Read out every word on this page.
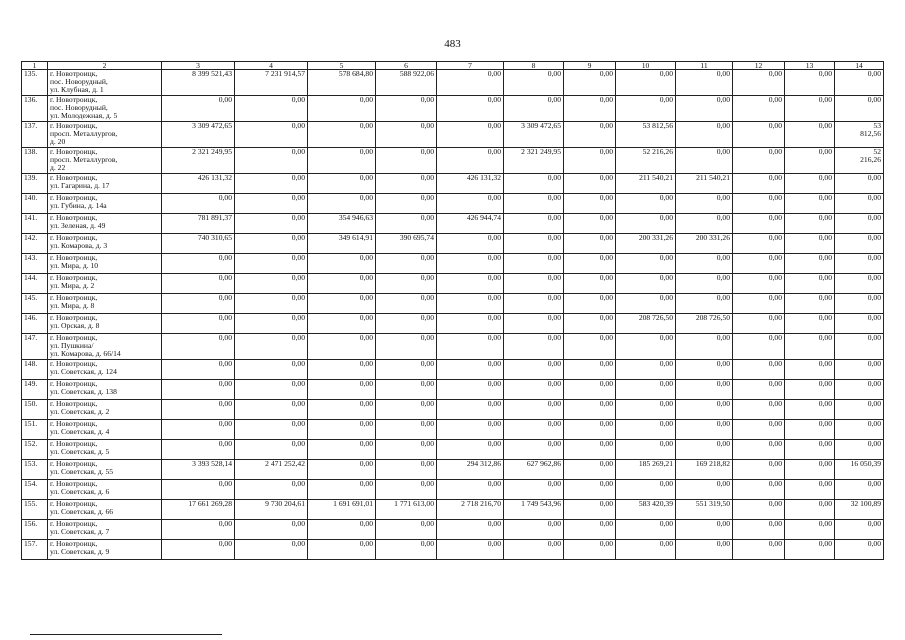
483
1	2	3	4	5	6	7	8	9	10	11	12	13	14
135.	г. Новотроицк,
пос. Новорудный,
ул. Клубная, д. 1	8 399 521,43	7 231 914,57	578 684,80	588 922,06	0,00	0,00	0,00	0,00	0,00	0,00	0,00	0,00
136.	г. Новотроицк,
пос. Новорудный,
ул. Молодежная, д. 5	0,00	0,00	0,00	0,00	0,00	0,00	0,00	0,00	0,00	0,00	0,00	0,00
137.	г. Новотроицк,
просп. Металлургов,
д. 20	3 309 472,65	0,00	0,00	0,00	0,00	3 309 472,65	0,00	53 812,56	0,00	0,00	0,00	53
812,56

138.	г. Новотроицк,
просп. Металлургов,
д. 22	2 321 249,95	0,00	0,00	0,00	0,00	2 321 249,95	0,00	52 216,26	0,00	0,00	0,00	52
216,26

139.	г. Новотроицк,
ул. Гагарина, д. 17	426 131,32	0,00	0,00	0,00	426 131,32	0,00	0,00	211 540,21	211 540,21	0,00	0,00	0,00
140.	г. Новотроицк,
ул. Губина, д. 14а	0,00	0,00	0,00	0,00	0,00	0,00	0,00	0,00	0,00	0,00	0,00	0,00
141.	г. Новотроицк,
ул. Зеленая, д. 49	781 891,37	0,00	354 946,63	0,00	426 944,74	0,00	0,00	0,00	0,00	0,00	0,00	0,00
142.	г. Новотроицк,
ул. Комарова, д. 3	740 310,65	0,00	349 614,91	390 695,74	0,00	0,00	0,00	200 331,26	200 331,26	0,00	0,00	0,00
143.	г. Новотроицк,
ул. Мира, д. 10	0,00	0,00	0,00	0,00	0,00	0,00	0,00	0,00	0,00	0,00	0,00	0,00
144.	г. Новотроицк,
ул. Мира, д. 2	0,00	0,00	0,00	0,00	0,00	0,00	0,00	0,00	0,00	0,00	0,00	0,00
145.	г. Новотроицк,
ул. Мира, д. 8	0,00	0,00	0,00	0,00	0,00	0,00	0,00	0,00	0,00	0,00	0,00	0,00
146.	г. Новотроицк,
ул. Орская, д. 8	0,00	0,00	0,00	0,00	0,00	0,00	0,00	208 726,50	208 726,50	0,00	0,00	0,00
147.	г. Новотроицк,
ул. Пушкина/
ул. Комарова, д. 66/14	0,00	0,00	0,00	0,00	0,00	0,00	0,00	0,00	0,00	0,00	0,00	0,00
148.	г. Новотроицк,
ул. Советская, д. 124	0,00	0,00	0,00	0,00	0,00	0,00	0,00	0,00	0,00	0,00	0,00	0,00
149.	г. Новотроицк,
ул. Советская, д. 138	0,00	0,00	0,00	0,00	0,00	0,00	0,00	0,00	0,00	0,00	0,00	0,00
150.	г. Новотроицк,
ул. Советская, д. 2	0,00	0,00	0,00	0,00	0,00	0,00	0,00	0,00	0,00	0,00	0,00	0,00
151.	г. Новотроицк,
ул. Советская, д. 4	0,00	0,00	0,00	0,00	0,00	0,00	0,00	0,00	0,00	0,00	0,00	0,00
152.	г. Новотроицк,
ул. Советская, д. 5	0,00	0,00	0,00	0,00	0,00	0,00	0,00	0,00	0,00	0,00	0,00	0,00
153.	г. Новотроицк,
ул. Советская, д. 55	3 393 528,14	2 471 252,42	0,00	0,00	294 312,86	627 962,86	0,00	185 269,21	169 218,82	0,00	0,00	16 050,39
154.	г. Новотроицк,
ул. Советская, д. 6	0,00	0,00	0,00	0,00	0,00	0,00	0,00	0,00	0,00	0,00	0,00	0,00
155.	г. Новотроицк,
ул. Советская, д. 66	17 661 269,28	9 730 204,61	1 691 691,01	1 771 613,00	2 718 216,70	1 749 543,96	0,00	583 420,39	551 319,50	0,00	0,00	32 100,89
156.	г. Новотроицк,
ул. Советская, д. 7	0,00	0,00	0,00	0,00	0,00	0,00	0,00	0,00	0,00	0,00	0,00	0,00
157.	г. Новотроицк,
ул. Советская, д. 9	0,00	0,00	0,00	0,00	0,00	0,00	0,00	0,00	0,00	0,00	0,00	0,00
